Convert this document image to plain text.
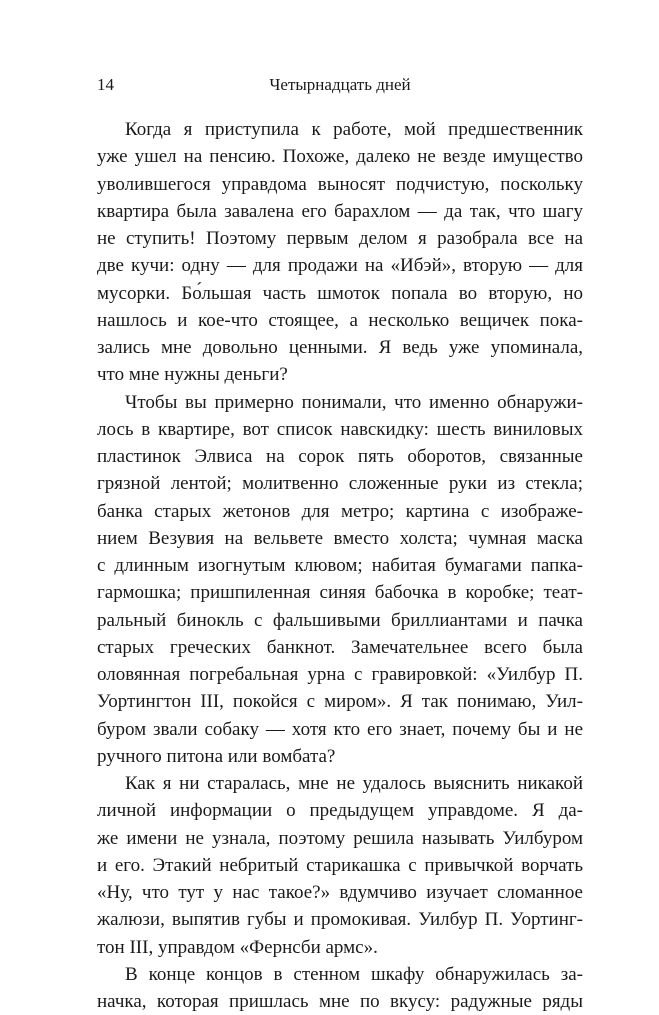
14	Четырнадцать дней
Когда я приступила к работе, мой предшественник
уже ушел на пенсию. Похоже, далеко не везде имущество
уволившегося управдома выносят подчистую, поскольку
квартира была завалена его барахлом — да так, что шагу
не ступить! Поэтому первым делом я разобрала все на
две кучи: одну — для продажи на «Ибэй», вторую — для
мусорки. Бо́льшая часть шмоток попала во вторую, но
нашлось и кое-что стоящее, а несколько вещичек пока-
зались мне довольно ценными. Я ведь уже упоминала,
что мне нужны деньги?
Чтобы вы примерно понимали, что именно обнаружи-
лось в квартире, вот список навскидку: шесть виниловых
пластинок Элвиса на сорок пять оборотов, связанные
грязной лентой; молитвенно сложенные руки из стекла;
банка старых жетонов для метро; картина с изображе-
нием Везувия на вельвете вместо холста; чумная маска
с длинным изогнутым клювом; набитая бумагами папка-
гармошка; пришпиленная синяя бабочка в коробке; теат-
ральный бинокль с фальшивыми бриллиантами и пачка
старых греческих банкнот. Замечательнее всего была
оловянная погребальная урна с гравировкой: «Уилбур П.
Уортингтон III, покойся с миром». Я так понимаю, Уил-
буром звали собаку — хотя кто его знает, почему бы и не
ручного питона или вомбата?
Как я ни старалась, мне не удалось выяснить никакой
личной информации о предыдущем управдоме. Я да-
же имени не узнала, поэтому решила называть Уилбуром
и его. Этакий небритый старикашка с привычкой ворчать
«Ну, что тут у нас такое?» вдумчиво изучает сломанное
жалюзи, выпятив губы и промокивая. Уилбур П. Уортинг-
тон III, управдом «Фернсби армс».
В конце концов в стенном шкафу обнаружилась за-
начка, которая пришлась мне по вкусу: радужные ряды
